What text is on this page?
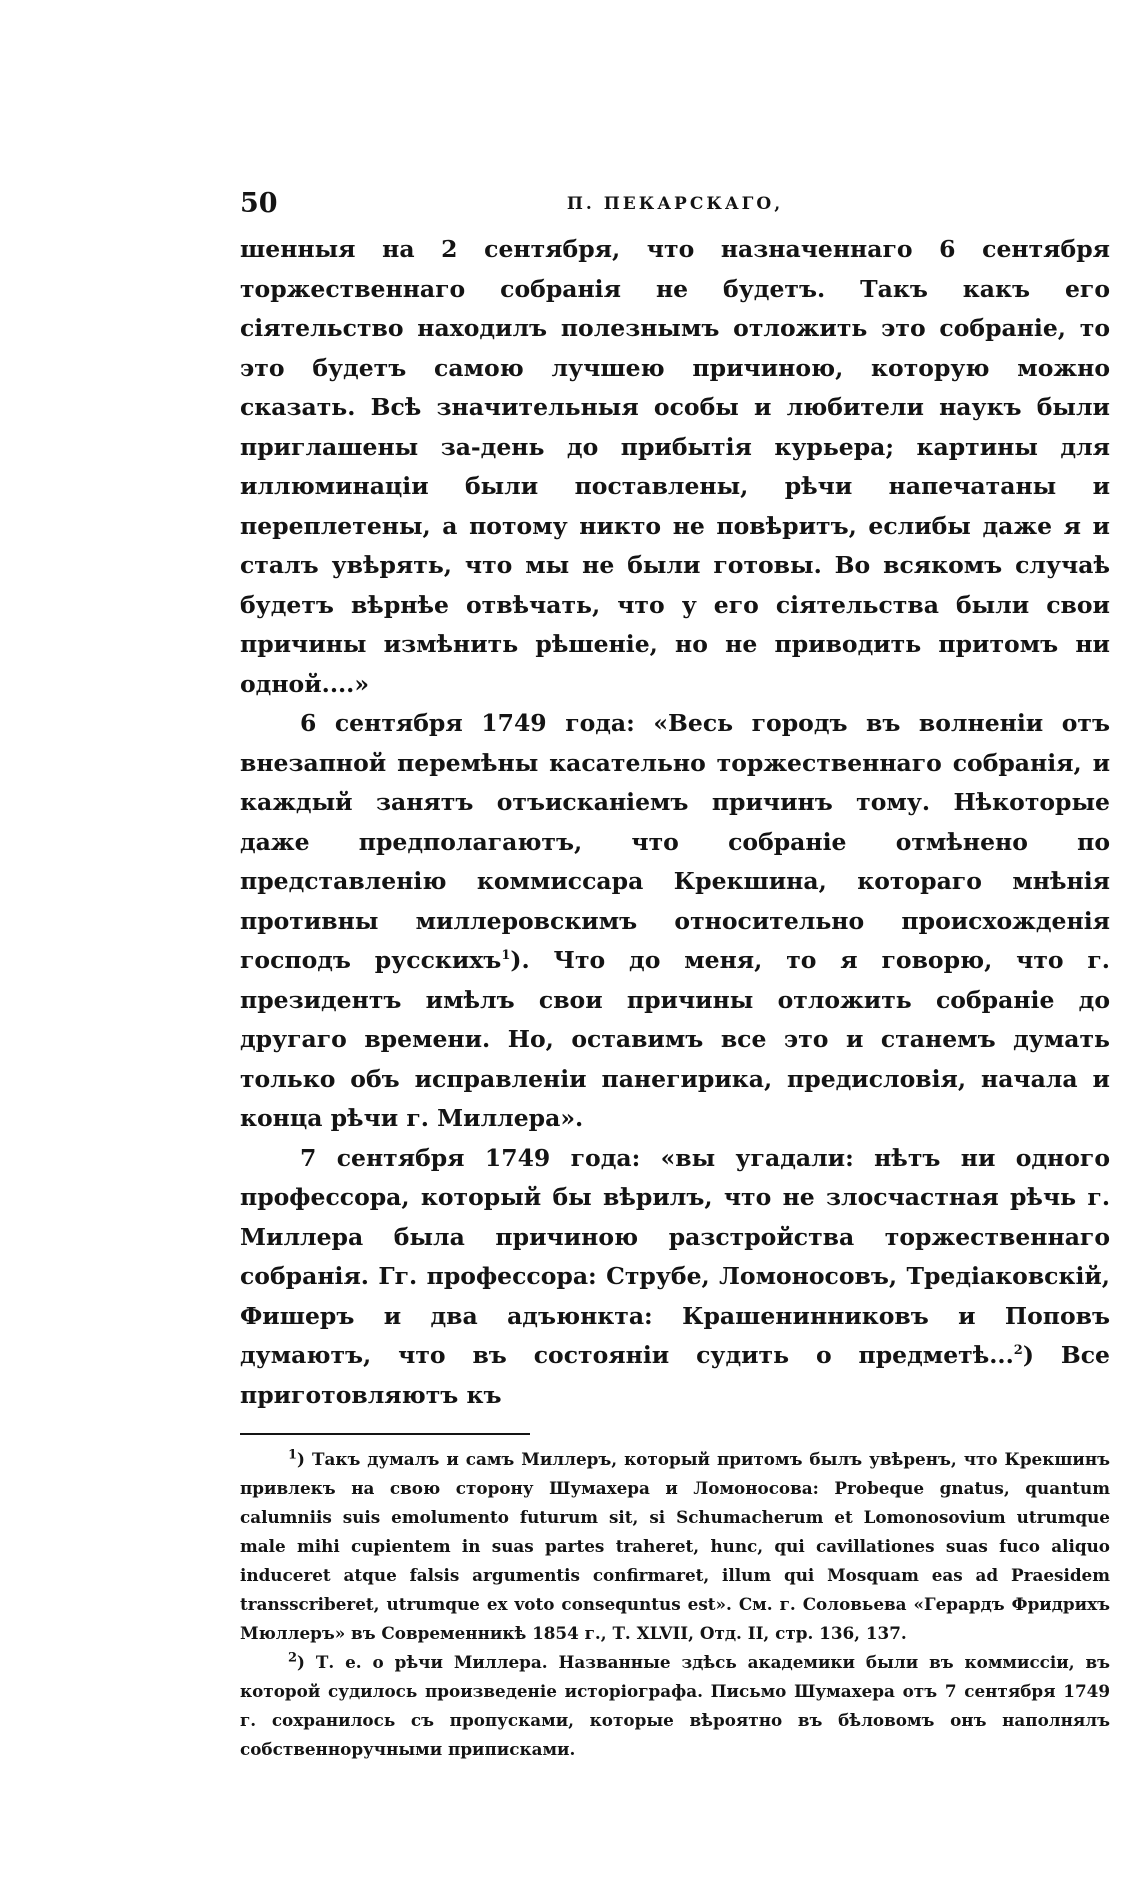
50	П. ПЕКАРСКАГО,

шенныя на 2 сентября, что назначеннаго 6 сентября торжественнаго собранія не будетъ. Такъ какъ его сіятельство находилъ полезнымъ отложить это собраніе, то это будетъ самою лучшею причиною, которую можно сказать. Всѣ значительныя особы и любители наукъ были приглашены за-день до прибытія курьера; картины для иллюминаціи были поставлены, рѣчи напечатаны и переплетены, а потому никто не повѣритъ, еслибы даже я и сталъ увѣрять, что мы не были готовы. Во всякомъ случаѣ будетъ вѣрнѣе отвѣчать, что у его сіятельства были свои причины измѣнить рѣшеніе, но не приводить притомъ ни одной....»

6 сентября 1749 года: «Весь городъ въ волненіи отъ внезапной перемѣны касательно торжественнаго собранія, и каждый занятъ отъисканіемъ причинъ тому. Нѣкоторые даже предполагаютъ, что собраніе отмѣнено по представленію коммиссара Крекшина, котораго мнѣнія противны миллеровскимъ относительно происхожденія господъ русскихъ$^1$). Что до меня, то я говорю, что г. президентъ имѣлъ свои причины отложить собраніе до другаго времени. Но, оставимъ все это и станемъ думать только объ исправленіи панегирика, предисловія, начала и конца рѣчи г. Миллера».

7 сентября 1749 года: «вы угадали: нѣтъ ни одного профессора, который бы вѣрилъ, что не злосчастная рѣчь г. Миллера была причиною разстройства торжественнаго собранія. Гг. профессора: Струбе, Ломоносовъ, Тредіаковскій, Фишеръ и два адъюнкта: Крашенинниковъ и Поповъ думаютъ, что въ состояніи судить о предметѣ...$^2$) Все приготовляютъ къ

$^1$) Такъ думалъ и самъ Миллеръ, который притомъ былъ увѣренъ, что Крекшинъ привлекъ на свою сторону Шумахера и Ломоносова: Probeque gnatus, quantum calumniis suis emolumento futurum sit, si Schumacherum et Lomonosovium utrumque male mihi cupientem in suas partes traheret, hunc, qui cavillationes suas fuco aliquo induceret atque falsis argumentis confirmaret, illum qui Mosquam eas ad Praesidem transscriberet, utrumque ex voto consequntus est». См. г. Соловьева «Герардъ Фридрихъ Мюллеръ» въ Современникѣ 1854 г., Т. XLVII, Отд. II, стр. 136, 137.

$^2$) Т. е. о рѣчи Миллера. Названные здѣсь академики были въ коммиссіи, въ которой судилось произведеніе исторіографа. Письмо Шумахера отъ 7 сентября 1749 г. сохранилось съ пропусками, которые вѣроятно въ бѣловомъ онъ наполнялъ собственноручными приписками.
